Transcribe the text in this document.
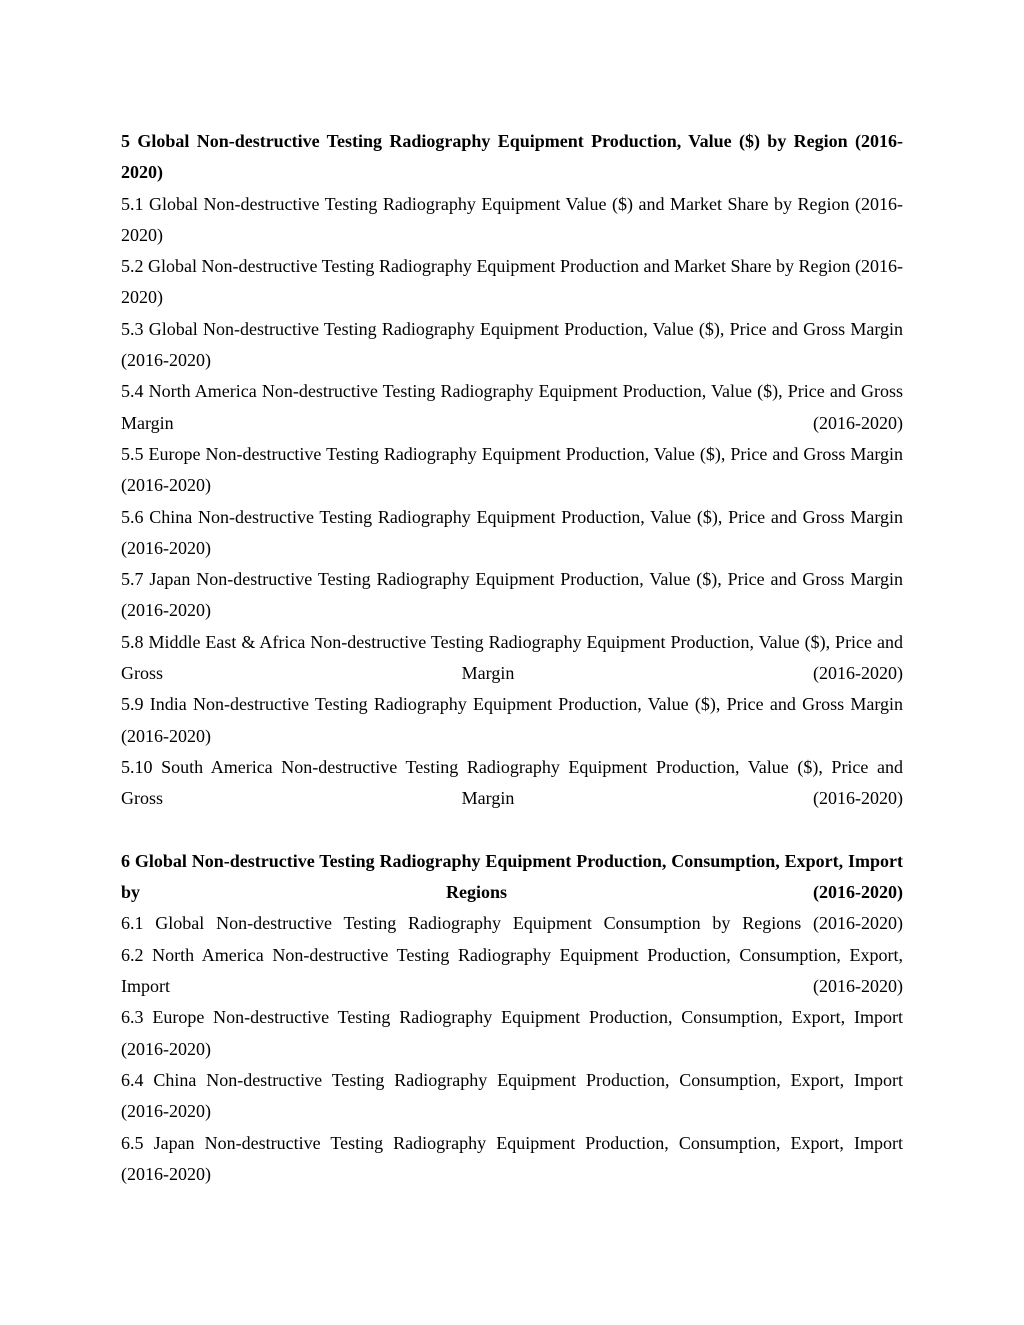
5 Global Non-destructive Testing Radiography Equipment Production, Value ($) by Region (2016-2020)

5.1 Global Non-destructive Testing Radiography Equipment Value ($) and Market Share by Region (2016-2020)

5.2 Global Non-destructive Testing Radiography Equipment Production and Market Share by Region (2016-2020)

5.3 Global Non-destructive Testing Radiography Equipment Production, Value ($), Price and Gross Margin (2016-2020)

5.4 North America Non-destructive Testing Radiography Equipment Production, Value ($), Price and Gross Margin (2016-2020)

5.5 Europe Non-destructive Testing Radiography Equipment Production, Value ($), Price and Gross Margin (2016-2020)

5.6 China Non-destructive Testing Radiography Equipment Production, Value ($), Price and Gross Margin (2016-2020)

5.7 Japan Non-destructive Testing Radiography Equipment Production, Value ($), Price and Gross Margin (2016-2020)

5.8 Middle East & Africa Non-destructive Testing Radiography Equipment Production, Value ($), Price and Gross Margin (2016-2020)

5.9 India Non-destructive Testing Radiography Equipment Production, Value ($), Price and Gross Margin (2016-2020)

5.10 South America Non-destructive Testing Radiography Equipment Production, Value ($), Price and Gross Margin (2016-2020)

6 Global Non-destructive Testing Radiography Equipment Production, Consumption, Export, Import by Regions (2016-2020)

6.1 Global Non-destructive Testing Radiography Equipment Consumption by Regions (2016-2020)

6.2 North America Non-destructive Testing Radiography Equipment Production, Consumption, Export, Import (2016-2020)

6.3 Europe Non-destructive Testing Radiography Equipment Production, Consumption, Export, Import (2016-2020)

6.4 China Non-destructive Testing Radiography Equipment Production, Consumption, Export, Import (2016-2020)

6.5 Japan Non-destructive Testing Radiography Equipment Production, Consumption, Export, Import (2016-2020)
